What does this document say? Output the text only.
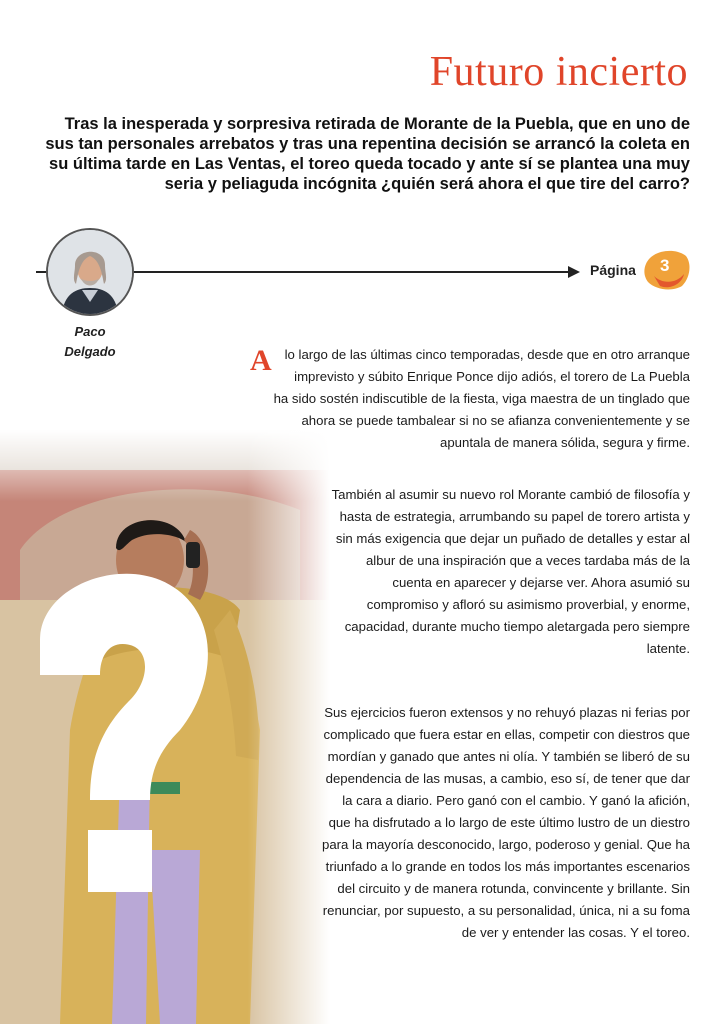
Futuro incierto

Tras la inesperada y sorpresiva retirada de Morante de la Puebla, que en uno de sus tan personales arrebatos y tras una repentina decisión se arrancó la coleta en su última tarde en Las Ventas, el toreo queda tocado y ante sí se plantea una muy seria y peliaguda incógnita ¿quién será ahora el que tire del carro?

Paco
Delgado
Página 3
A lo largo de las últimas cinco temporadas, desde que en otro arranque imprevisto y súbito Enrique Ponce dijo adiós, el torero de La Puebla ha sido sostén indiscutible de la fiesta, viga maestra de un tinglado que ahora se puede tambalear si no se afianza convenientemente y se apuntala de manera sólida, segura y firme.
También al asumir su nuevo rol Morante cambió de filosofía y hasta de estrategia, arrumbando su papel de torero artista y sin más exigencia que dejar un puñado de detalles y estar al albur de una inspiración que a veces tardaba más de la cuenta en aparecer y dejarse ver. Ahora asumió su compromiso y afloró su asimismo proverbial, y enorme, capacidad, durante mucho tiempo aletargada pero siempre latente.
Sus ejercicios fueron extensos y no rehuyó plazas ni ferias por complicado que fuera estar en ellas, competir con diestros que mordían y ganado que antes ni olía. Y también se liberó de su dependencia de las musas, a cambio, eso sí, de tener que dar la cara a diario. Pero ganó con el cambio. Y ganó la afición, que ha disfrutado a lo largo de este último lustro de un diestro para la mayoría desconocido, largo, poderoso y genial. Que ha triunfado a lo grande en todos los más importantes escenarios del circuito y de manera rotunda, convincente y brillante. Sin renunciar, por supuesto, a su personalidad, única, ni a su foma de ver y entender las cosas. Y el toreo.
